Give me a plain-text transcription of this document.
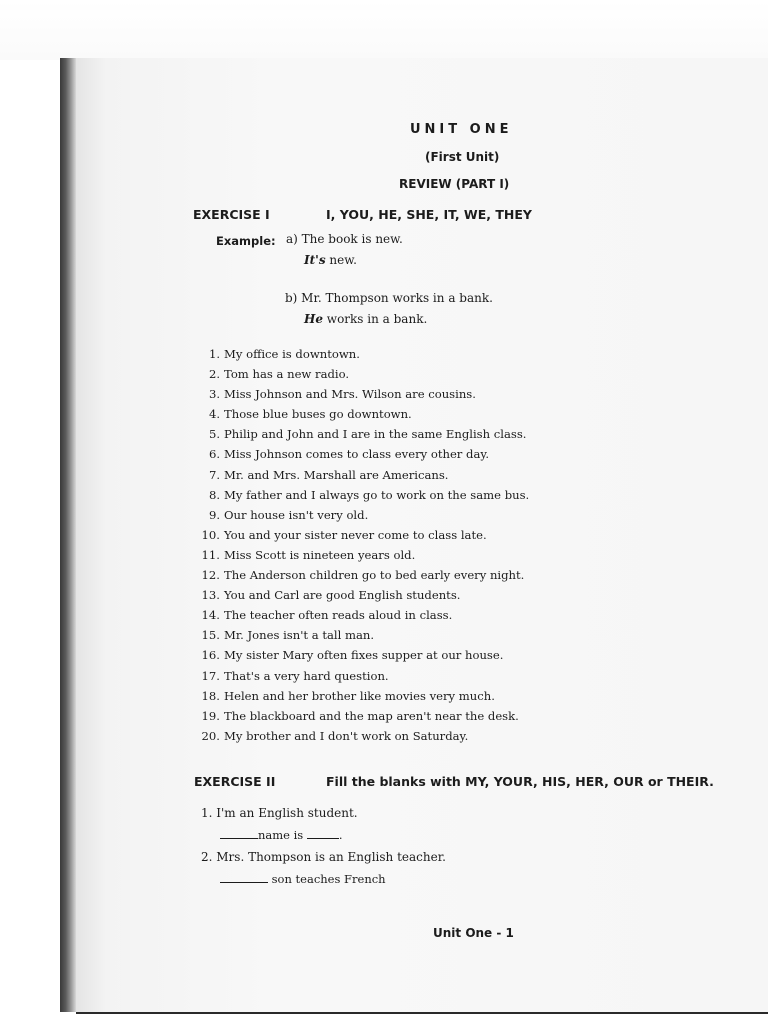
UNIT ONE
(First Unit)
REVIEW (PART I)
EXERCISE I	I, YOU, HE, SHE, IT, WE, THEY
Example: a) The book is new.
It's new.
b) Mr. Thompson works in a bank.
He works in a bank.
1. My office is downtown.
2. Tom has a new radio.
3. Miss Johnson and Mrs. Wilson are cousins.
4. Those blue buses go downtown.
5. Philip and John and I are in the same English class.
6. Miss Johnson comes to class every other day.
7. Mr. and Mrs. Marshall are Americans.
8. My father and I always go to work on the same bus.
9. Our house isn't very old.
10. You and your sister never come to class late.
11. Miss Scott is nineteen years old.
12. The Anderson children go to bed early every night.
13. You and Carl are good English students.
14. The teacher often reads aloud in class.
15. Mr. Jones isn't a tall man.
16. My sister Mary often fixes supper at our house.
17. That's a very hard question.
18. Helen and her brother like movies very much.
19. The blackboard and the map aren't near the desk.
20. My brother and I don't work on Saturday.
EXERCISE II	Fill the blanks with MY, YOUR, HIS, HER, OUR or THEIR.
1. I'm an English student.
name is	.
2. Mrs. Thompson is an English teacher.
son teaches French
Unit One - 1
